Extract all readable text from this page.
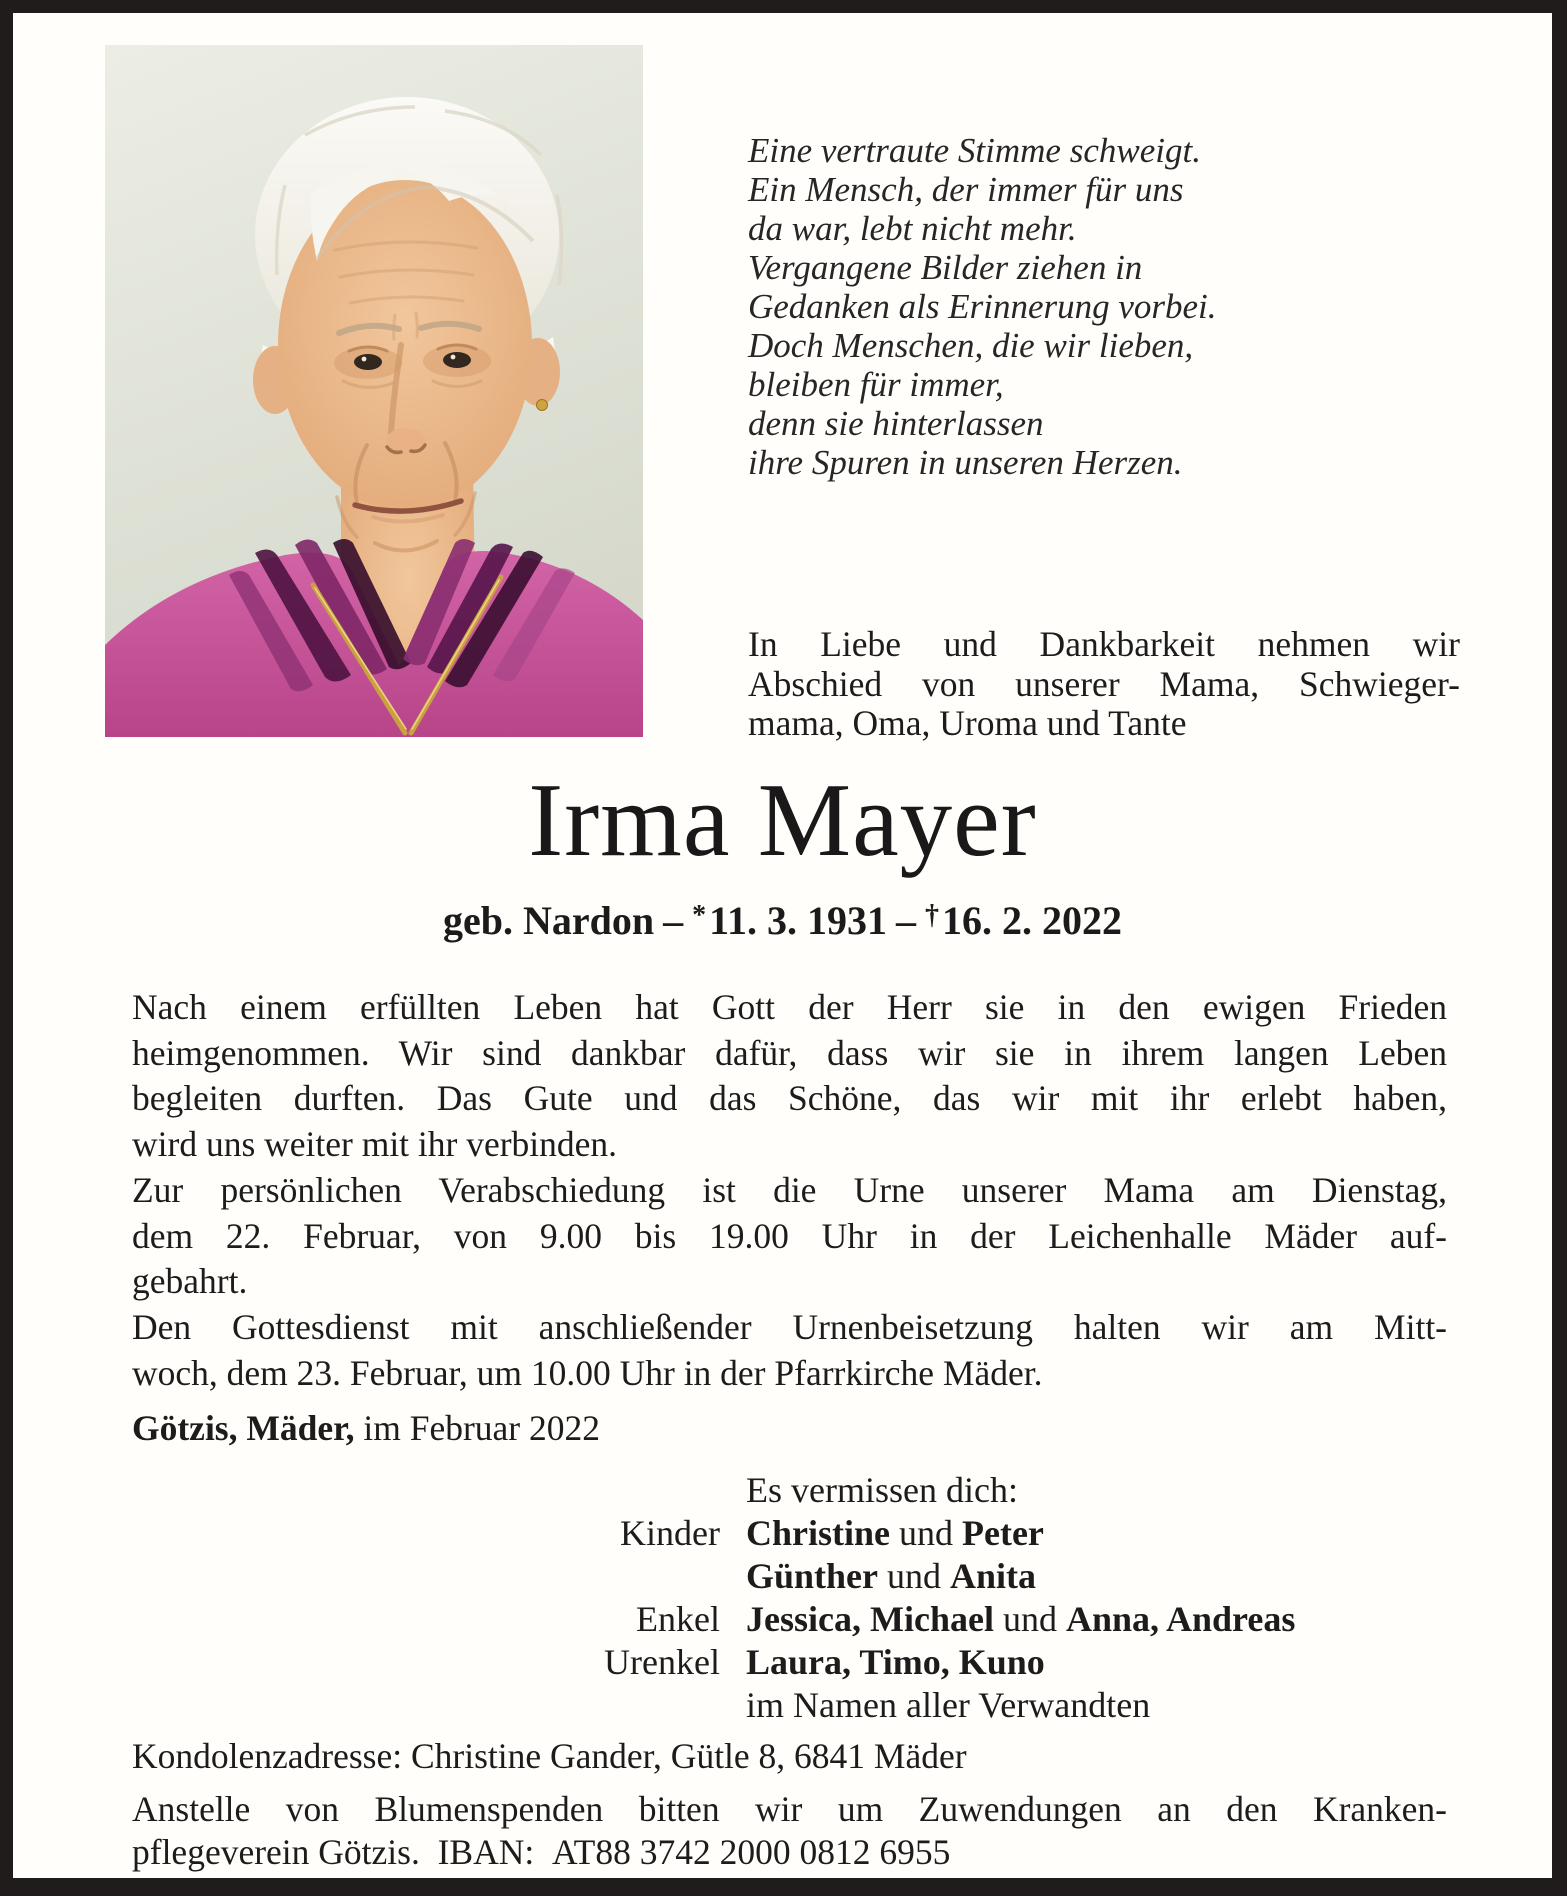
Eine vertraute Stimme schweigt.
Ein Mensch, der immer für uns
da war, lebt nicht mehr.
Vergangene Bilder ziehen in
Gedanken als Erinnerung vorbei.
Doch Menschen, die wir lieben,
bleiben für immer,
denn sie hinterlassen
ihre Spuren in unseren Herzen.
In Liebe und Dankbarkeit nehmen wir
Abschied von unserer Mama, Schwieger-
mama, Oma, Uroma und Tante
Irma Mayer
geb. Nardon – *11. 3. 1931 – †16. 2. 2022
Nach einem erfüllten Leben hat Gott der Herr sie in den ewigen Frieden
heimgenommen. Wir sind dankbar dafür, dass wir sie in ihrem langen Leben
begleiten durften. Das Gute und das Schöne, das wir mit ihr erlebt haben,
wird uns weiter mit ihr verbinden.
Zur persönlichen Verabschiedung ist die Urne unserer Mama am Dienstag,
dem 22. Februar, von 9.00 bis 19.00 Uhr in der Leichenhalle Mäder auf-
gebahrt.
Den Gottesdienst mit anschließender Urnenbeisetzung halten wir am Mitt-
woch, dem 23. Februar, um 10.00 Uhr in der Pfarrkirche Mäder.
Götzis, Mäder, im Februar 2022
Es vermissen dich:
Kinder Christine und Peter
Günther und Anita
Enkel Jessica, Michael und Anna, Andreas
Urenkel Laura, Timo, Kuno
im Namen aller Verwandten
Kondolenzadresse: Christine Gander, Gütle 8, 6841 Mäder
Anstelle von Blumenspenden bitten wir um Zuwendungen an den Kranken-
pflegeverein Götzis. IBAN: AT88 3742 2000 0812 6955
